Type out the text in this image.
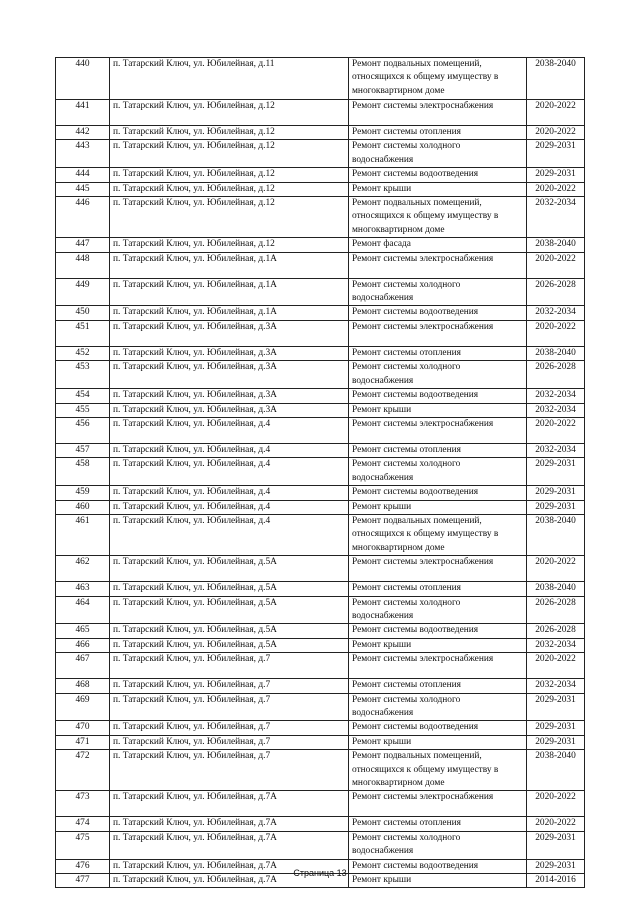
440	п. Татарский Ключ, ул. Юбилейная, д.11	Ремонт подвальных помещений, относящихся к общему имуществу в многоквартирном доме	2038-2040
441	п. Татарский Ключ, ул. Юбилейная, д.12	Ремонт системы электроснабжения	2020-2022
442	п. Татарский Ключ, ул. Юбилейная, д.12	Ремонт системы отопления	2020-2022
443	п. Татарский Ключ, ул. Юбилейная, д.12	Ремонт системы холодного водоснабжения	2029-2031
444	п. Татарский Ключ, ул. Юбилейная, д.12	Ремонт системы водоотведения	2029-2031
445	п. Татарский Ключ, ул. Юбилейная, д.12	Ремонт крыши	2020-2022
446	п. Татарский Ключ, ул. Юбилейная, д.12	Ремонт подвальных помещений, относящихся к общему имуществу в многоквартирном доме	2032-2034
447	п. Татарский Ключ, ул. Юбилейная, д.12	Ремонт фасада	2038-2040
448	п. Татарский Ключ, ул. Юбилейная, д.1А	Ремонт системы электроснабжения	2020-2022
449	п. Татарский Ключ, ул. Юбилейная, д.1А	Ремонт системы холодного водоснабжения	2026-2028
450	п. Татарский Ключ, ул. Юбилейная, д.1А	Ремонт системы водоотведения	2032-2034
451	п. Татарский Ключ, ул. Юбилейная, д.3А	Ремонт системы электроснабжения	2020-2022
452	п. Татарский Ключ, ул. Юбилейная, д.3А	Ремонт системы отопления	2038-2040
453	п. Татарский Ключ, ул. Юбилейная, д.3А	Ремонт системы холодного водоснабжения	2026-2028
454	п. Татарский Ключ, ул. Юбилейная, д.3А	Ремонт системы водоотведения	2032-2034
455	п. Татарский Ключ, ул. Юбилейная, д.3А	Ремонт крыши	2032-2034
456	п. Татарский Ключ, ул. Юбилейная, д.4	Ремонт системы электроснабжения	2020-2022
457	п. Татарский Ключ, ул. Юбилейная, д.4	Ремонт системы отопления	2032-2034
458	п. Татарский Ключ, ул. Юбилейная, д.4	Ремонт системы холодного водоснабжения	2029-2031
459	п. Татарский Ключ, ул. Юбилейная, д.4	Ремонт системы водоотведения	2029-2031
460	п. Татарский Ключ, ул. Юбилейная, д.4	Ремонт крыши	2029-2031
461	п. Татарский Ключ, ул. Юбилейная, д.4	Ремонт подвальных помещений, относящихся к общему имуществу в многоквартирном доме	2038-2040
462	п. Татарский Ключ, ул. Юбилейная, д.5А	Ремонт системы электроснабжения	2020-2022
463	п. Татарский Ключ, ул. Юбилейная, д.5А	Ремонт системы отопления	2038-2040
464	п. Татарский Ключ, ул. Юбилейная, д.5А	Ремонт системы холодного водоснабжения	2026-2028
465	п. Татарский Ключ, ул. Юбилейная, д.5А	Ремонт системы водоотведения	2026-2028
466	п. Татарский Ключ, ул. Юбилейная, д.5А	Ремонт крыши	2032-2034
467	п. Татарский Ключ, ул. Юбилейная, д.7	Ремонт системы электроснабжения	2020-2022
468	п. Татарский Ключ, ул. Юбилейная, д.7	Ремонт системы отопления	2032-2034
469	п. Татарский Ключ, ул. Юбилейная, д.7	Ремонт системы холодного водоснабжения	2029-2031
470	п. Татарский Ключ, ул. Юбилейная, д.7	Ремонт системы водоотведения	2029-2031
471	п. Татарский Ключ, ул. Юбилейная, д.7	Ремонт крыши	2029-2031
472	п. Татарский Ключ, ул. Юбилейная, д.7	Ремонт подвальных помещений, относящихся к общему имуществу в многоквартирном доме	2038-2040
473	п. Татарский Ключ, ул. Юбилейная, д.7А	Ремонт системы электроснабжения	2020-2022
474	п. Татарский Ключ, ул. Юбилейная, д.7А	Ремонт системы отопления	2020-2022
475	п. Татарский Ключ, ул. Юбилейная, д.7А	Ремонт системы холодного водоснабжения	2029-2031
476	п. Татарский Ключ, ул. Юбилейная, д.7А	Ремонт системы водоотведения	2029-2031
477	п. Татарский Ключ, ул. Юбилейная, д.7А	Ремонт крыши	2014-2016
Страница 13
